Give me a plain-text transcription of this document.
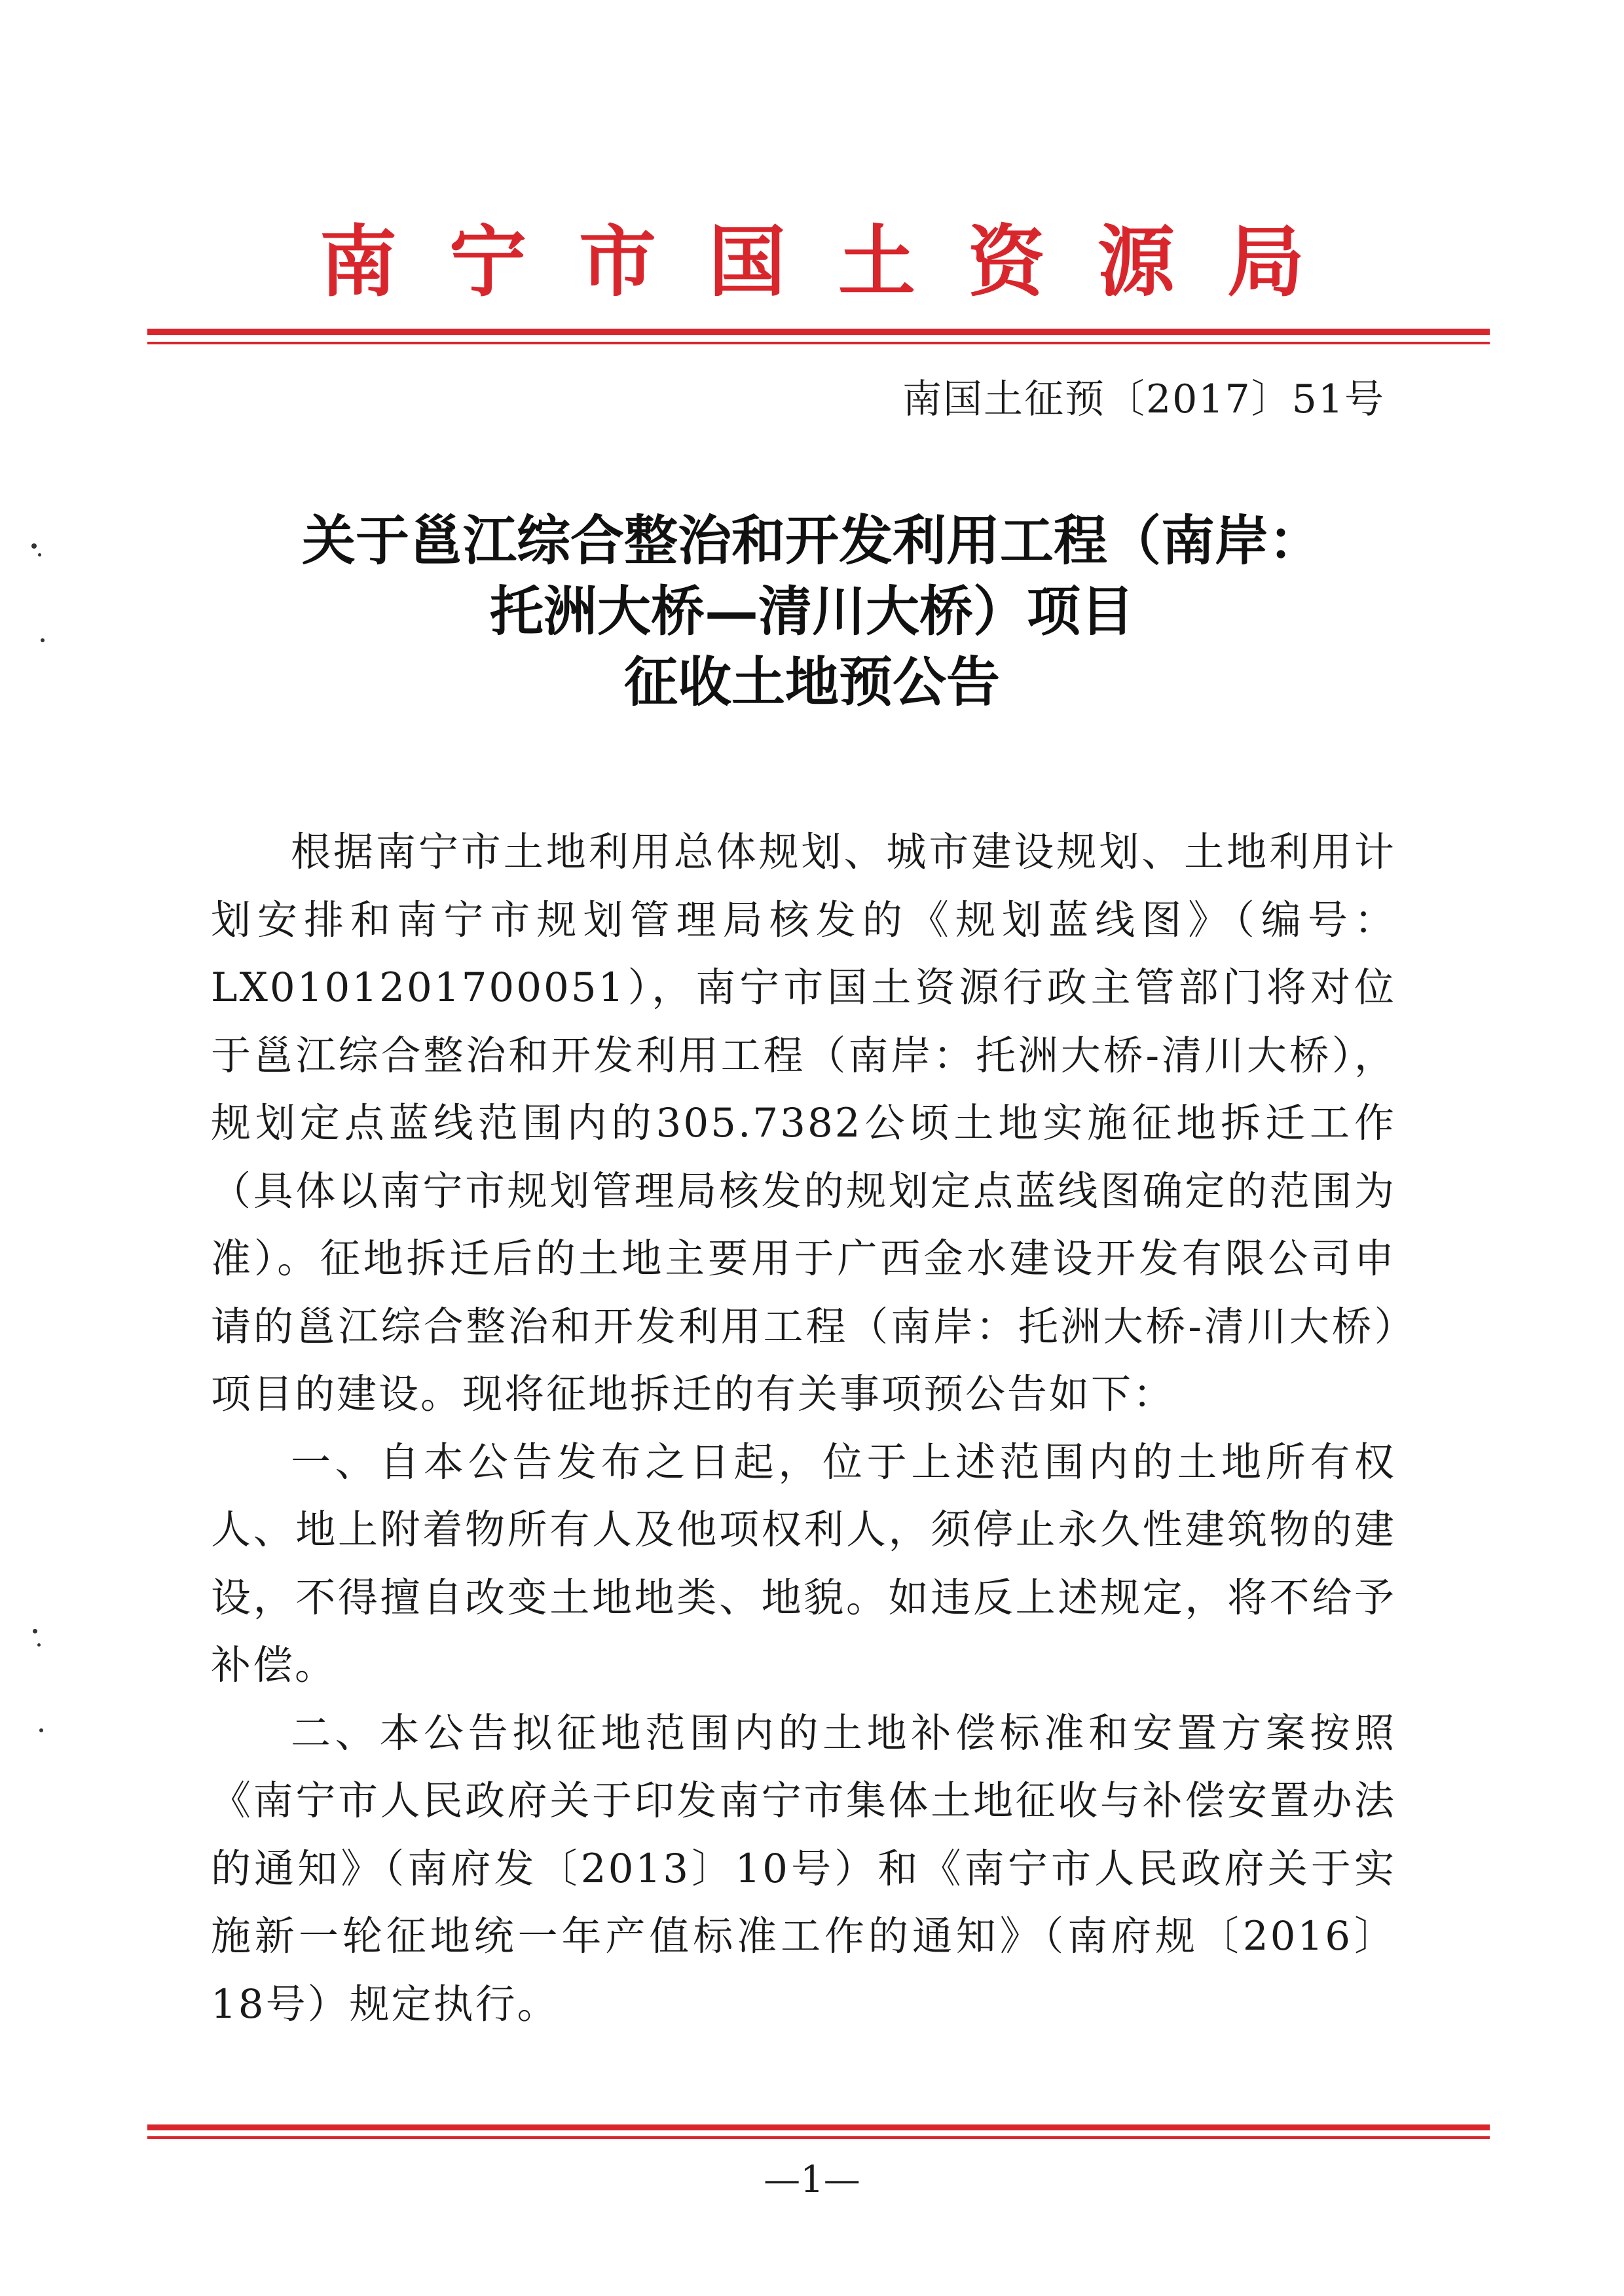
南宁市国土资源局
南国土征预〔2017〕51号
关于邕江综合整治和开发利用工程（南岸：
托洲大桥—清川大桥）项目
征收土地预公告

根据南宁市土地利用总体规划、城市建设规划、土地利用计划安排和南宁市规划管理局核发的《规划蓝线图》（编号：LX0101201700051），南宁市国土资源行政主管部门将对位于邕江综合整治和开发利用工程（南岸：托洲大桥-清川大桥），规划定点蓝线范围内的305.7382公顷土地实施征地拆迁工作（具体以南宁市规划管理局核发的规划定点蓝线图确定的范围为准）。征地拆迁后的土地主要用于广西金水建设开发有限公司申请的邕江综合整治和开发利用工程（南岸：托洲大桥-清川大桥）项目的建设。现将征地拆迁的有关事项预公告如下：

一、自本公告发布之日起，位于上述范围内的土地所有权人、地上附着物所有人及他项权利人，须停止永久性建筑物的建设，不得擅自改变土地地类、地貌。如违反上述规定，将不给予补偿。

二、本公告拟征地范围内的土地补偿标准和安置方案按照《南宁市人民政府关于印发南宁市集体土地征收与补偿安置办法的通知》（南府发〔2013〕10号）和《南宁市人民政府关于实施新一轮征地统一年产值标准工作的通知》（南府规〔2016〕18号）规定执行。

—1—
